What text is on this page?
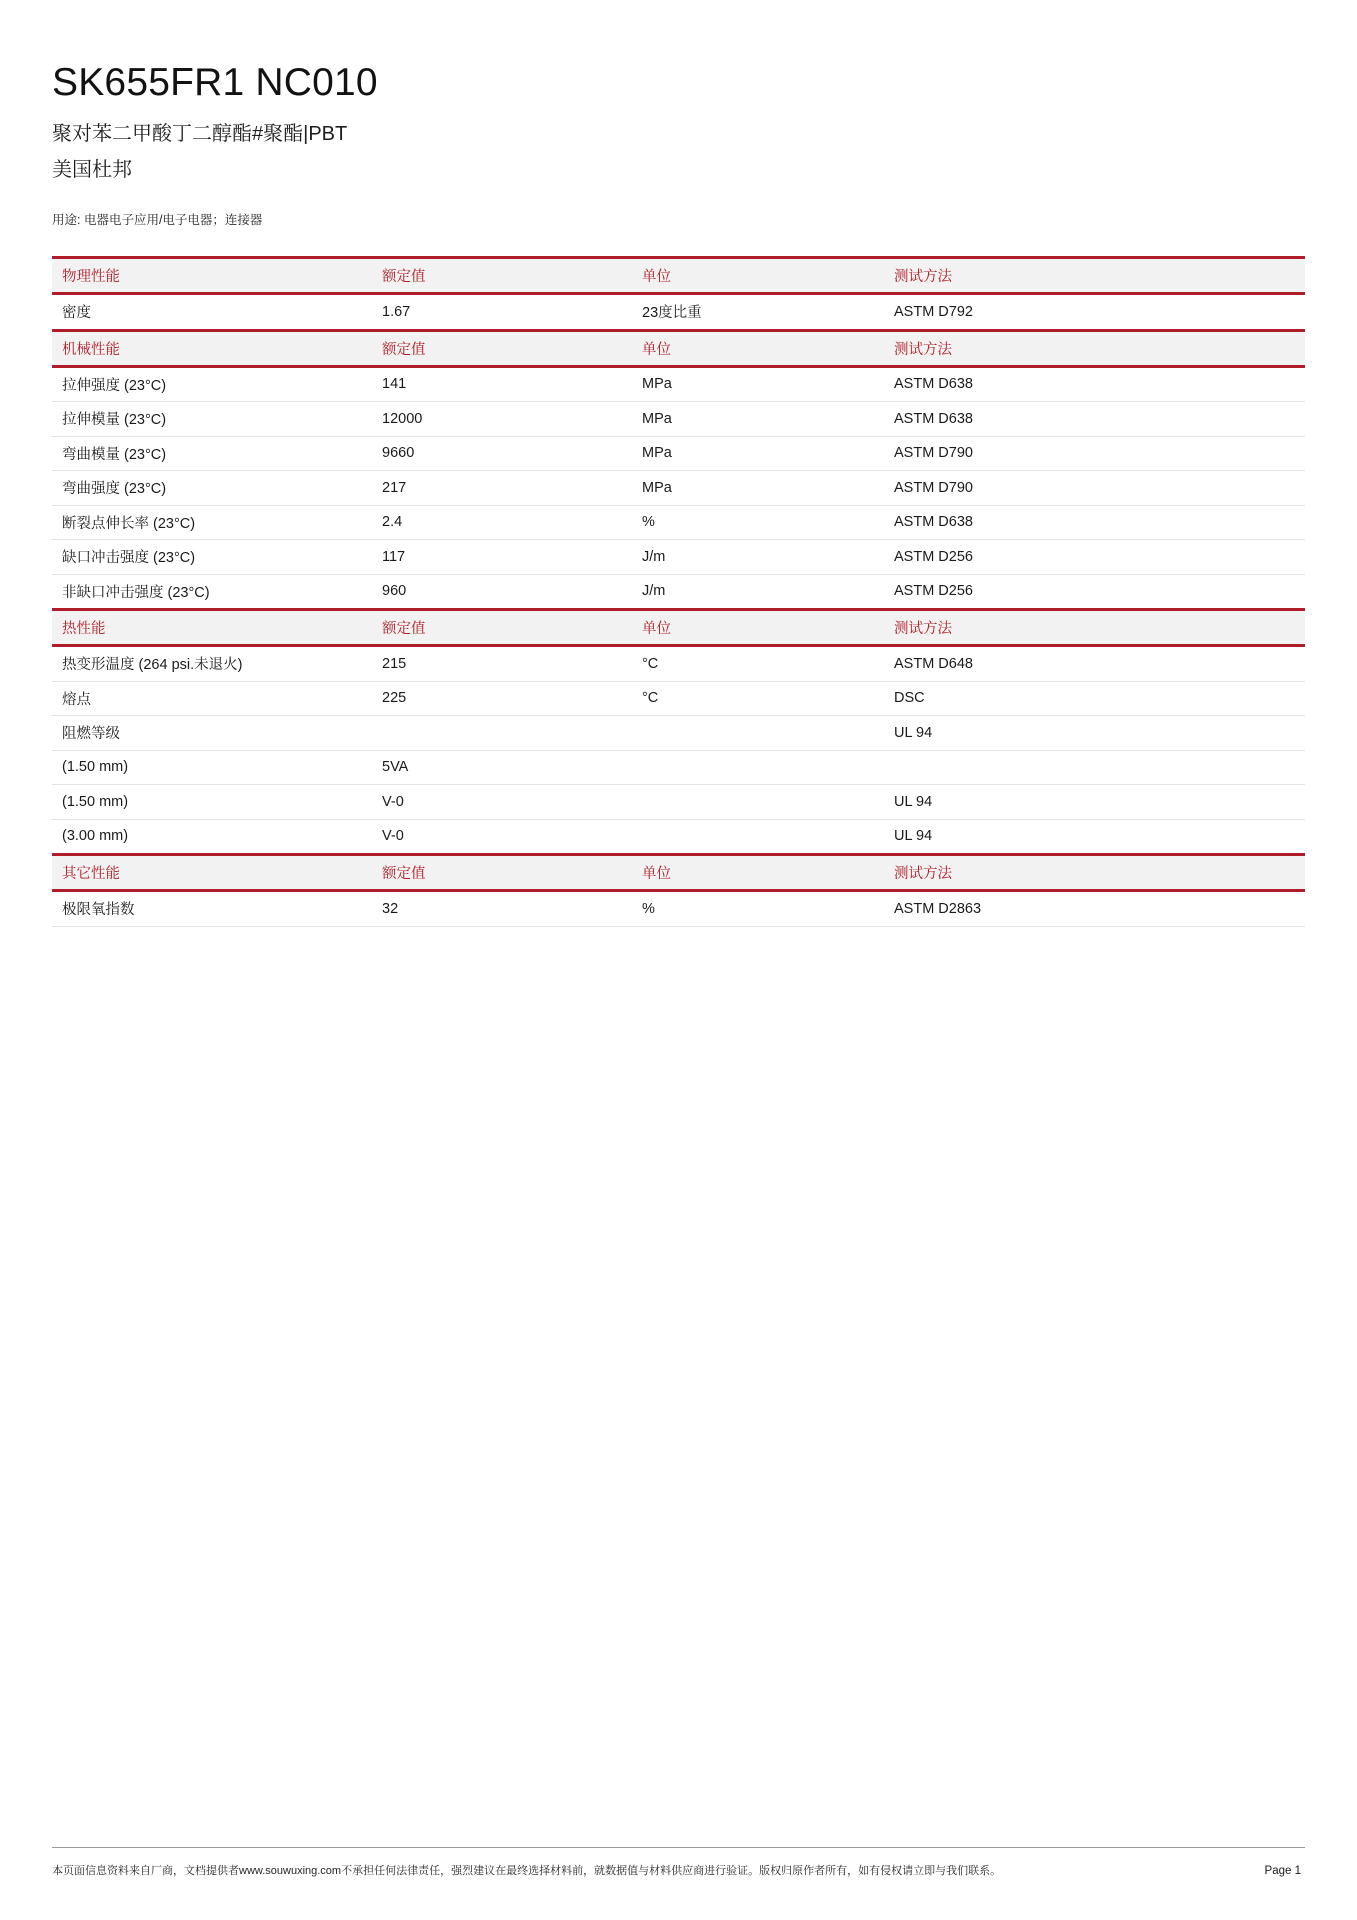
SK655FR1 NC010
聚对苯二甲酸丁二醇酯#聚酯|PBT
美国杜邦
用途: 电器电子应用/电子电器；连接器
物理性能	额定值	单位	测试方法
密度	1.67	23度比重	ASTM D792
机械性能	额定值	单位	测试方法
拉伸强度 (23°C)	141	MPa	ASTM D638
拉伸模量 (23°C)	12000	MPa	ASTM D638
弯曲模量 (23°C)	9660	MPa	ASTM D790
弯曲强度 (23°C)	217	MPa	ASTM D790
断裂点伸长率 (23°C)	2.4	%	ASTM D638
缺口冲击强度 (23°C)	117	J/m	ASTM D256
非缺口冲击强度 (23°C)	960	J/m	ASTM D256
热性能	额定值	单位	测试方法
热变形温度 (264 psi.未退火)	215	°C	ASTM D648
熔点	225	°C	DSC
阻燃等级			UL 94
(1.50 mm)	5VA		
(1.50 mm)	V-0		UL 94
(3.00 mm)	V-0		UL 94
其它性能	额定值	单位	测试方法
极限氧指数	32	%	ASTM D2863
本页面信息资料来自厂商，文档提供者www.souwuxing.com不承担任何法律责任，强烈建议在最终选择材料前，就数据值与材料供应商进行验证。版权归原作者所有，如有侵权请立即与我们联系。	Page 1
